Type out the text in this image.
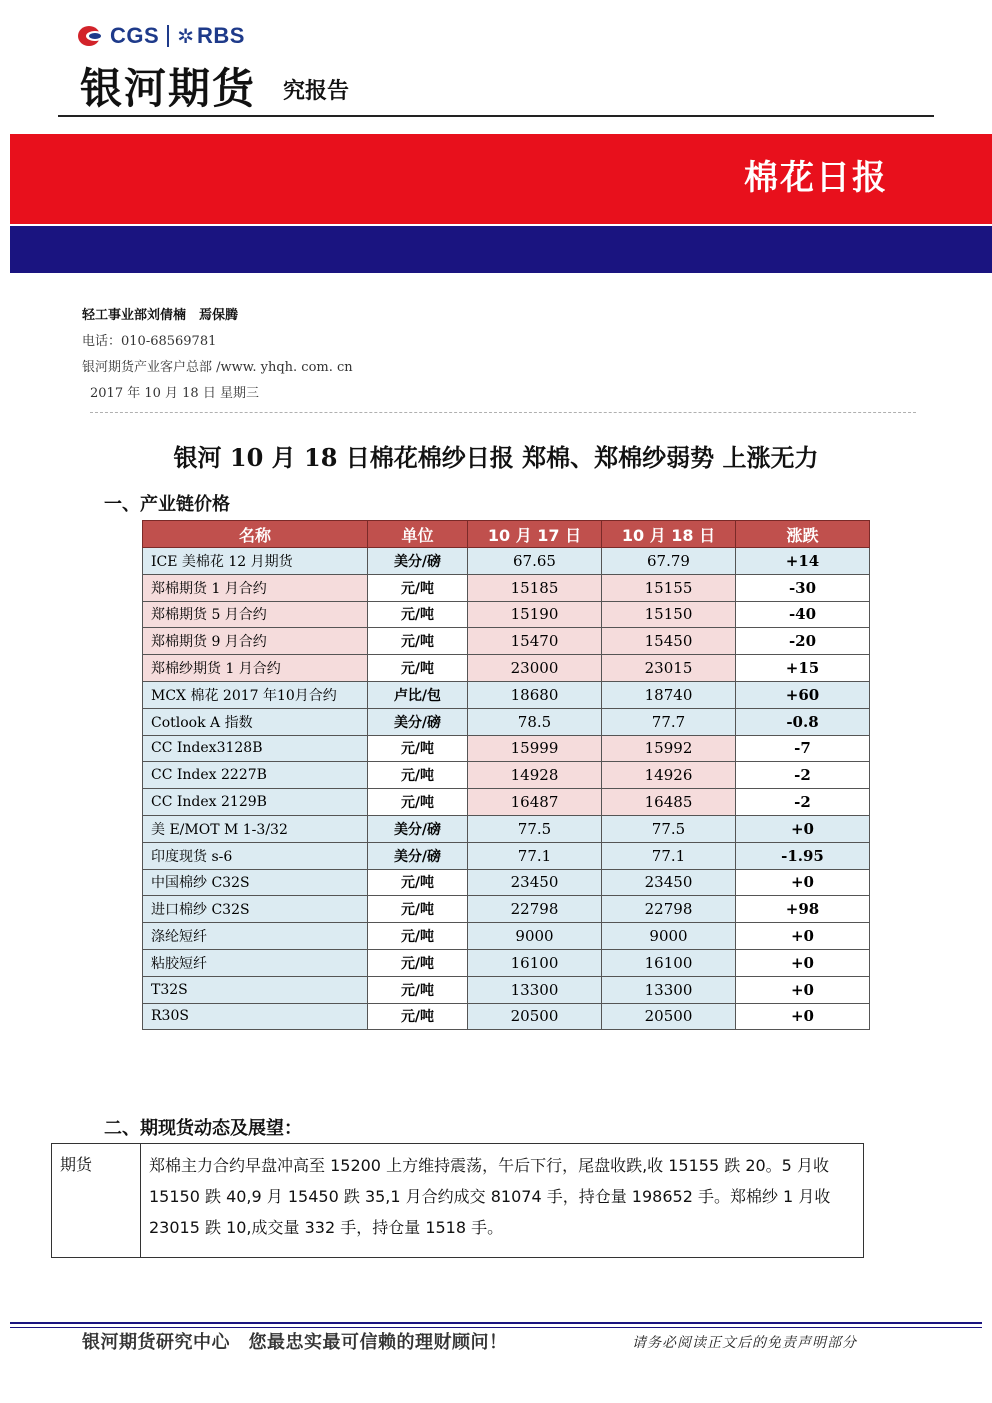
CGS ✲ RBS
银河期货 究报告
棉花日报
轻工事业部刘倩楠　焉保腾
电话：010-68569781
银河期货产业客户总部 /www. yhqh. com. cn
2017 年 10 月 18 日 星期三
银河 10 月 18 日棉花棉纱日报 郑棉、郑棉纱弱势 上涨无力
一、产业链价格
名称	单位	10 月 17 日	10 月 18 日	涨跌
ICE 美棉花 12 月期货	美分/磅	67.65	67.79	+14
郑棉期货 1 月合约	元/吨	15185	15155	-30
郑棉期货 5 月合约	元/吨	15190	15150	-40
郑棉期货 9 月合约	元/吨	15470	15450	-20
郑棉纱期货 1 月合约	元/吨	23000	23015	+15
MCX 棉花 2017 年10月合约	卢比/包	18680	18740	+60
Cotlook A 指数	美分/磅	78.5	77.7	-0.8
CC Index3128B	元/吨	15999	15992	-7
CC Index 2227B	元/吨	14928	14926	-2
CC Index 2129B	元/吨	16487	16485	-2
美 E/MOT M 1-3/32	美分/磅	77.5	77.5	+0
印度现货 s-6	美分/磅	77.1	77.1	-1.95
中国棉纱 C32S	元/吨	23450	23450	+0
进口棉纱 C32S	元/吨	22798	22798	+98
涤纶短纤	元/吨	9000	9000	+0
粘胶短纤	元/吨	16100	16100	+0
T32S	元/吨	13300	13300	+0
R30S	元/吨	20500	20500	+0
二、期现货动态及展望：
期货	郑棉主力合约早盘冲高至 15200 上方维持震荡，午后下行，尾盘收跌,收 15155 跌 20。5 月收 15150 跌 40,9 月 15450 跌 35,1 月合约成交 81074 手，持仓量 198652 手。郑棉纱 1 月收 23015 跌 10,成交量 332 手，持仓量 1518 手。
银河期货研究中心　您最忠实最可信赖的理财顾问！	请务必阅读正文后的免责声明部分
